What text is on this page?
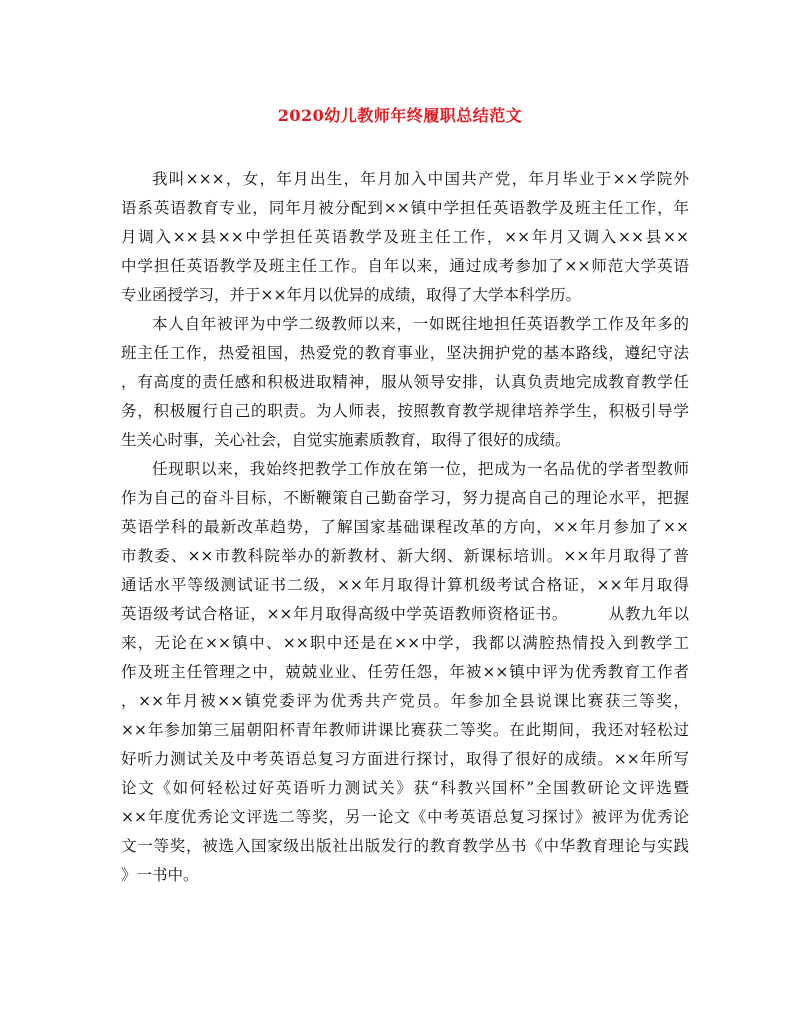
2020幼儿教师年终履职总结范文
我叫×××，女，年月出生，年月加入中国共产党，年月毕业于××学院外
语系英语教育专业，同年月被分配到××镇中学担任英语教学及班主任工作，年
月调入××县××中学担任英语教学及班主任工作，××年月又调入××县××
中学担任英语教学及班主任工作。自年以来，通过成考参加了××师范大学英语
专业函授学习，并于××年月以优异的成绩，取得了大学本科学历。
本人自年被评为中学二级教师以来，一如既往地担任英语教学工作及年多的
班主任工作，热爱祖国，热爱党的教育事业，坚决拥护党的基本路线，遵纪守法
，有高度的责任感和积极进取精神，服从领导安排，认真负责地完成教育教学任
务，积极履行自己的职责。为人师表，按照教育教学规律培养学生，积极引导学
生关心时事，关心社会，自觉实施素质教育，取得了很好的成绩。
任现职以来，我始终把教学工作放在第一位，把成为一名品优的学者型教师
作为自己的奋斗目标，不断鞭策自己勤奋学习，努力提高自己的理论水平，把握
英语学科的最新改革趋势，了解国家基础课程改革的方向，××年月参加了××
市教委、××市教科院举办的新教材、新大纲、新课标培训。××年月取得了普
通话水平等级测试证书二级，××年月取得计算机级考试合格证，××年月取得
英语级考试合格证，××年月取得高级中学英语教师资格证书。　　　从教九年以
来，无论在××镇中、××职中还是在××中学，我都以满腔热情投入到教学工
作及班主任管理之中，兢兢业业、任劳任怨，年被××镇中评为优秀教育工作者
，××年月被××镇党委评为优秀共产党员。年参加全县说课比赛获三等奖，
××年参加第三届朝阳杯青年教师讲课比赛获二等奖。在此期间，我还对轻松过
好听力测试关及中考英语总复习方面进行探讨，取得了很好的成绩。××年所写
论文《如何轻松过好英语听力测试关》获“科教兴国杯”全国教研论文评选暨
××年度优秀论文评选二等奖，另一论文《中考英语总复习探讨》被评为优秀论
文一等奖，被选入国家级出版社出版发行的教育教学丛书《中华教育理论与实践
》一书中。
